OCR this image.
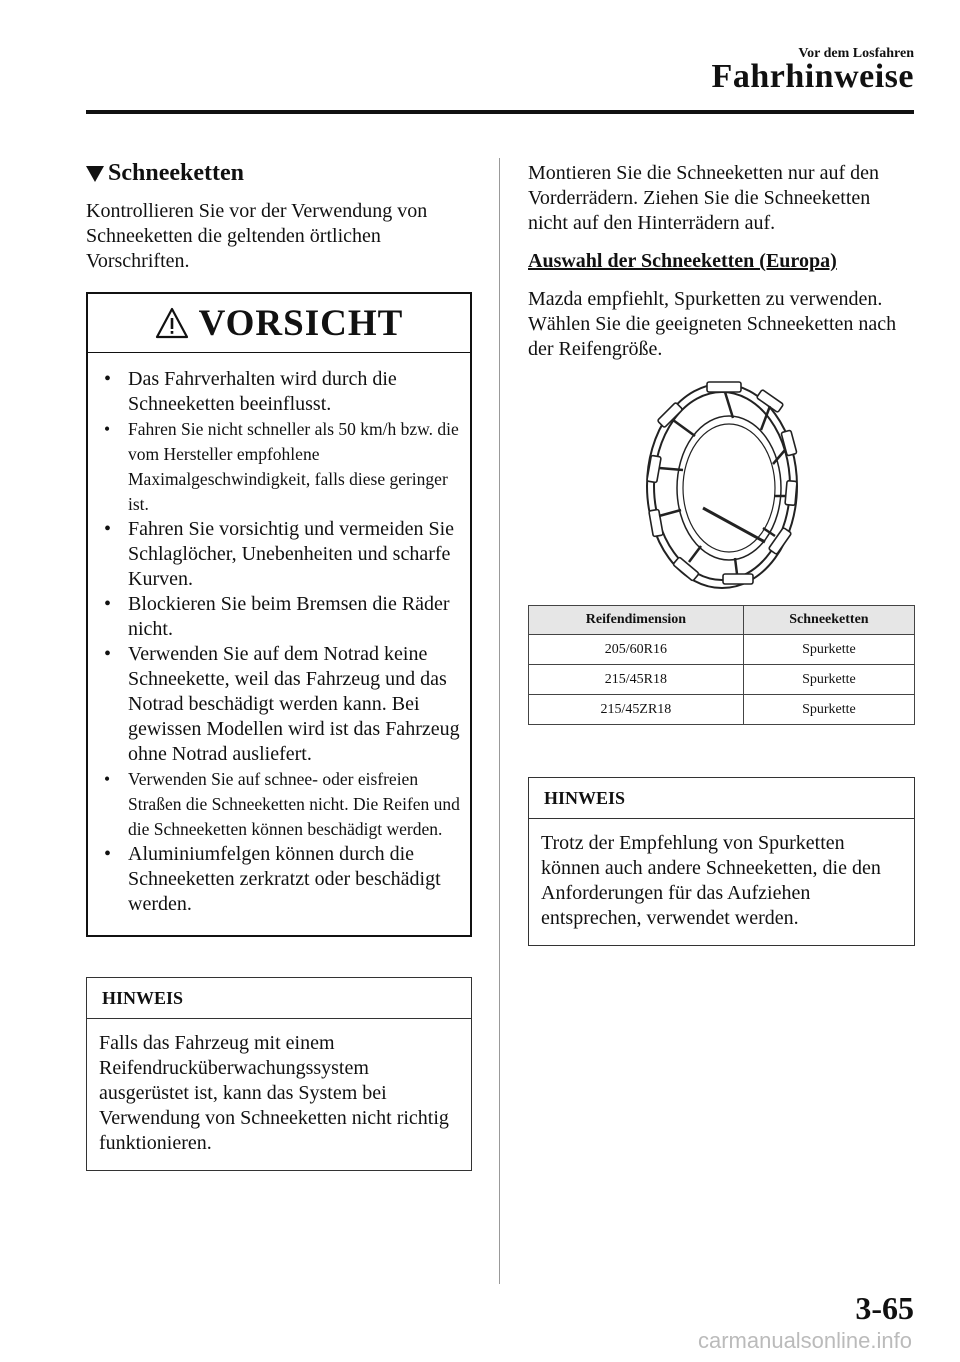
Vor dem Losfahren
Fahrhinweise
Schneeketten

Kontrollieren Sie vor der Verwendung von Schneeketten die geltenden örtlichen Vorschriften.

VORSICHT
• Das Fahrverhalten wird durch die Schneeketten beeinflusst.
•	Fahren Sie nicht schneller als 50 km/h bzw. die vom Hersteller empfohlene Maximalgeschwindigkeit, falls diese geringer ist.
• Fahren Sie vorsichtig und vermeiden Sie Schlaglöcher, Unebenheiten und scharfe Kurven.
• Blockieren Sie beim Bremsen die Räder nicht.
• Verwenden Sie auf dem Notrad keine Schneekette, weil das Fahrzeug und das Notrad beschädigt werden kann. Bei gewissen Modellen wird ist das Fahrzeug ohne Notrad ausliefert.
•	Verwenden Sie auf schnee- oder eisfreien Straßen die Schneeketten nicht. Die Reifen und die Schneeketten können beschädigt werden.
• Aluminiumfelgen können durch die Schneeketten zerkratzt oder beschädigt werden.
HINWEIS
Falls das Fahrzeug mit einem Reifendrucküberwachungssystem ausgerüstet ist, kann das System bei Verwendung von Schneeketten nicht richtig funktionieren.

Montieren Sie die Schneeketten nur auf den Vorderrädern. Ziehen Sie die Schneeketten nicht auf den Hinterrädern auf.

Auswahl der Schneeketten (Europa)

Mazda empfiehlt, Spurketten zu verwenden. Wählen Sie die geeigneten Schneeketten nach der Reifengröße.

Reifendimension	Schneeketten
205/60R16	Spurkette
215/45R18	Spurkette
215/45ZR18	Spurkette
HINWEIS
Trotz der Empfehlung von Spurketten können auch andere Schneeketten, die den Anforderungen für das Aufziehen entsprechen, verwendet werden.
3-65
carmanualsonline.info
